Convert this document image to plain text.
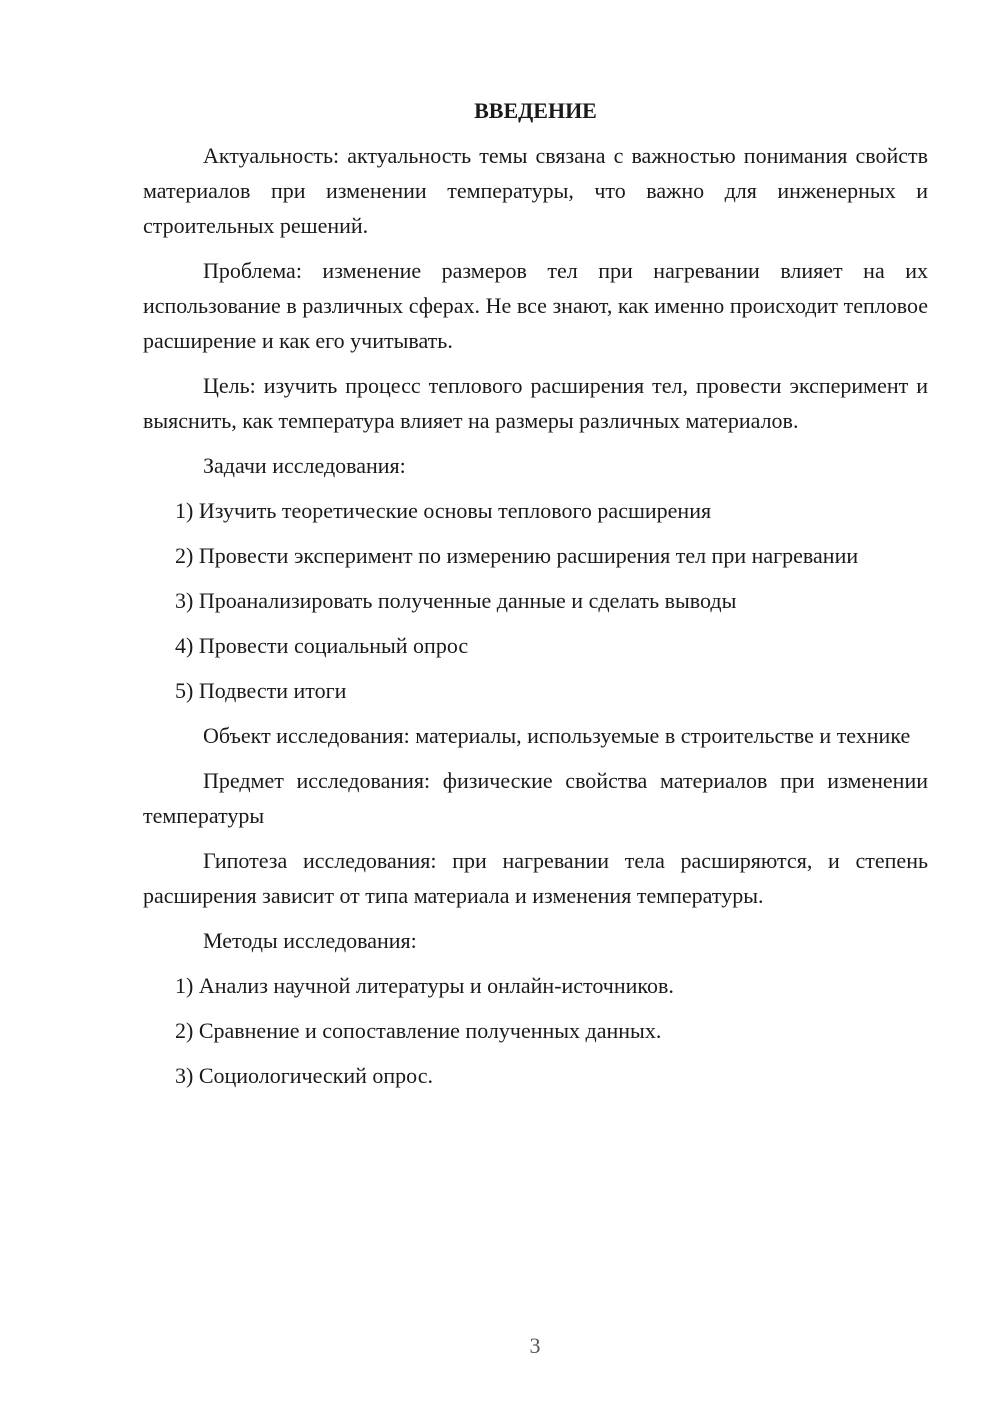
ВВЕДЕНИЕ

Актуальность: актуальность темы связана с важностью понимания свойств материалов при изменении температуры, что важно для инженерных и строительных решений.

Проблема: изменение размеров тел при нагревании влияет на их использование в различных сферах. Не все знают, как именно происходит тепловое расширение и как его учитывать.

Цель: изучить процесс теплового расширения тел, провести эксперимент и выяснить, как температура влияет на размеры различных материалов.

Задачи исследования:

1) Изучить теоретические основы теплового расширения

2) Провести эксперимент по измерению расширения тел при нагревании

3) Проанализировать полученные данные и сделать выводы

4) Провести социальный опрос

5) Подвести итоги

Объект исследования: материалы, используемые в строительстве и технике

Предмет исследования: физические свойства материалов при изменении температуры

Гипотеза исследования: при нагревании тела расширяются, и степень расширения зависит от типа материала и изменения температуры.

Методы исследования:

1) Анализ научной литературы и онлайн-источников.

2) Сравнение и сопоставление полученных данных.

3) Социологический опрос.

3
